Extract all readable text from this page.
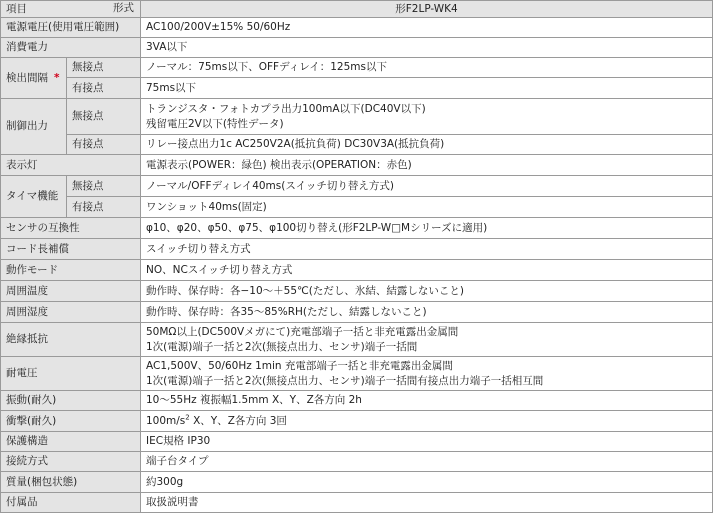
項目 形式		形F2LP-WK4
電源電圧(使用電圧範囲)		AC100/200V±15% 50/60Hz
消費電力		3VA以下
検出間隔 *	無接点	ノーマル：75ms以下、OFFディレイ：125ms以下
	有接点	75ms以下
制御出力	無接点	トランジスタ・フォトカプラ出力100mA以下(DC40V以下)
残留電圧2V以下(特性データ)

	有接点	リレー接点出力1c AC250V2A(抵抗負荷) DC30V3A(抵抗負荷)
表示灯		電源表示(POWER：緑色) 検出表示(OPERATION：赤色)
タイマ機能	無接点	ノーマル/OFFディレイ40ms(スイッチ切り替え方式)
	有接点	ワンショット40ms(固定)
センサの互換性		φ10、φ20、φ50、φ75、φ100切り替え(形F2LP-W□Mシリーズに適用)
コード長補償		スイッチ切り替え方式
動作モード		NO、NCスイッチ切り替え方式
周囲温度		動作時、保存時：各−10〜＋55℃(ただし、氷結、結露しないこと)
周囲湿度		動作時、保存時：各35〜85%RH(ただし、結露しないこと)
絶縁抵抗		50MΩ以上(DC500Vメガにて)充電部端子一括と非充電露出金属間
1次(電源)端子一括と2次(無接点出力、センサ)端子一括間

耐電圧		AC1,500V、50/60Hz 1min 充電部端子一括と非充電露出金属間
1次(電源)端子一括と2次(無接点出力、センサ)端子一括間有接点出力端子一括相互間

振動(耐久)		10〜55Hz 複振幅1.5mm X、Y、Z各方向 2h
衝撃(耐久)		$100m/s^2$ X、Y、Z各方向 3回
保護構造		IEC規格 IP30
接続方式		端子台タイプ
質量(梱包状態)		約300g
付属品		取扱説明書
